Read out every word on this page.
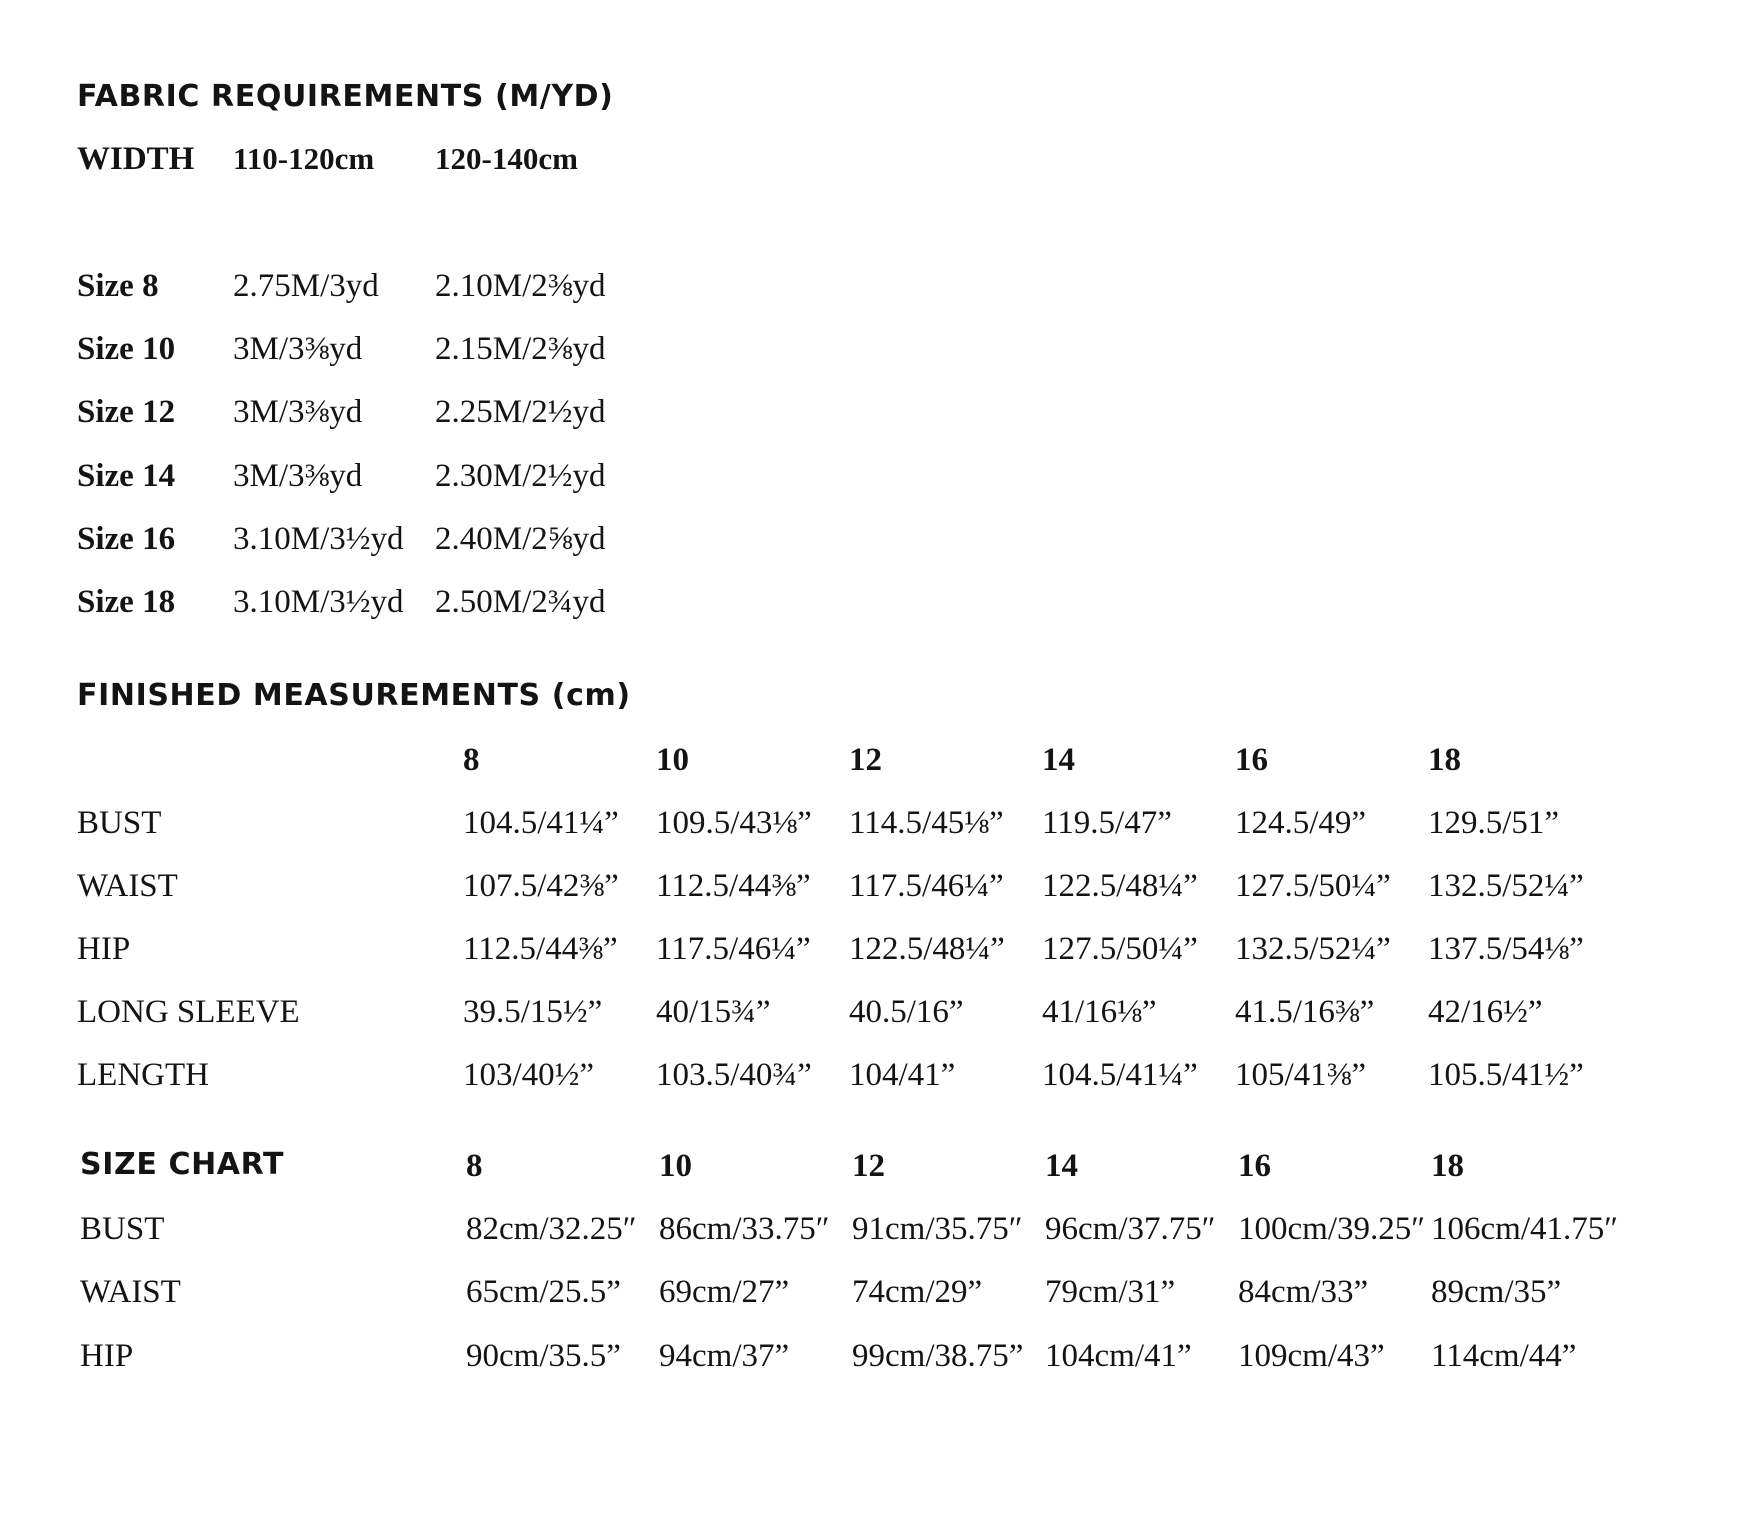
FABRIC REQUIREMENTS (M/YD)
WIDTH 110-120cm 120-140cm
Size 8 2.75M/3yd 2.10M/2⅜yd
Size 10 3M/3⅜yd 2.15M/2⅜yd
Size 12 3M/3⅜yd 2.25M/2½yd
Size 14 3M/3⅜yd 2.30M/2½yd
Size 16 3.10M/3½yd 2.40M/2⅝yd
Size 18 3.10M/3½yd 2.50M/2¾yd
FINISHED MEASUREMENTS (cm)
8	10	12	14	16	18
BUST	104.5/41¼” 109.5/43⅛” 114.5/45⅛” 119.5/47” 124.5/49” 129.5/51”
WAIST	107.5/42⅜” 112.5/44⅜” 117.5/46¼” 122.5/48¼” 127.5/50¼” 132.5/52¼”
HIP	112.5/44⅜” 117.5/46¼” 122.5/48¼” 127.5/50¼” 132.5/52¼” 137.5/54⅛”
LONG SLEEVE	39.5/15½” 40/15¾” 40.5/16” 41/16⅛” 41.5/16⅜” 42/16½”
LENGTH	103/40½” 103.5/40¾” 104/41”	104.5/41¼” 105/41⅜” 105.5/41½”
SIZE CHART	8	10	12	14	16	18
BUST	82cm/32.25″ 86cm/33.75″ 91cm/35.75″ 96cm/37.75″ 100cm/39.25″ 106cm/41.75″
WAIST	65cm/25.5” 69cm/27” 74cm/29” 79cm/31” 84cm/33” 89cm/35”
HIP	90cm/35.5” 94cm/37” 99cm/38.75” 104cm/41” 109cm/43” 114cm/44”
